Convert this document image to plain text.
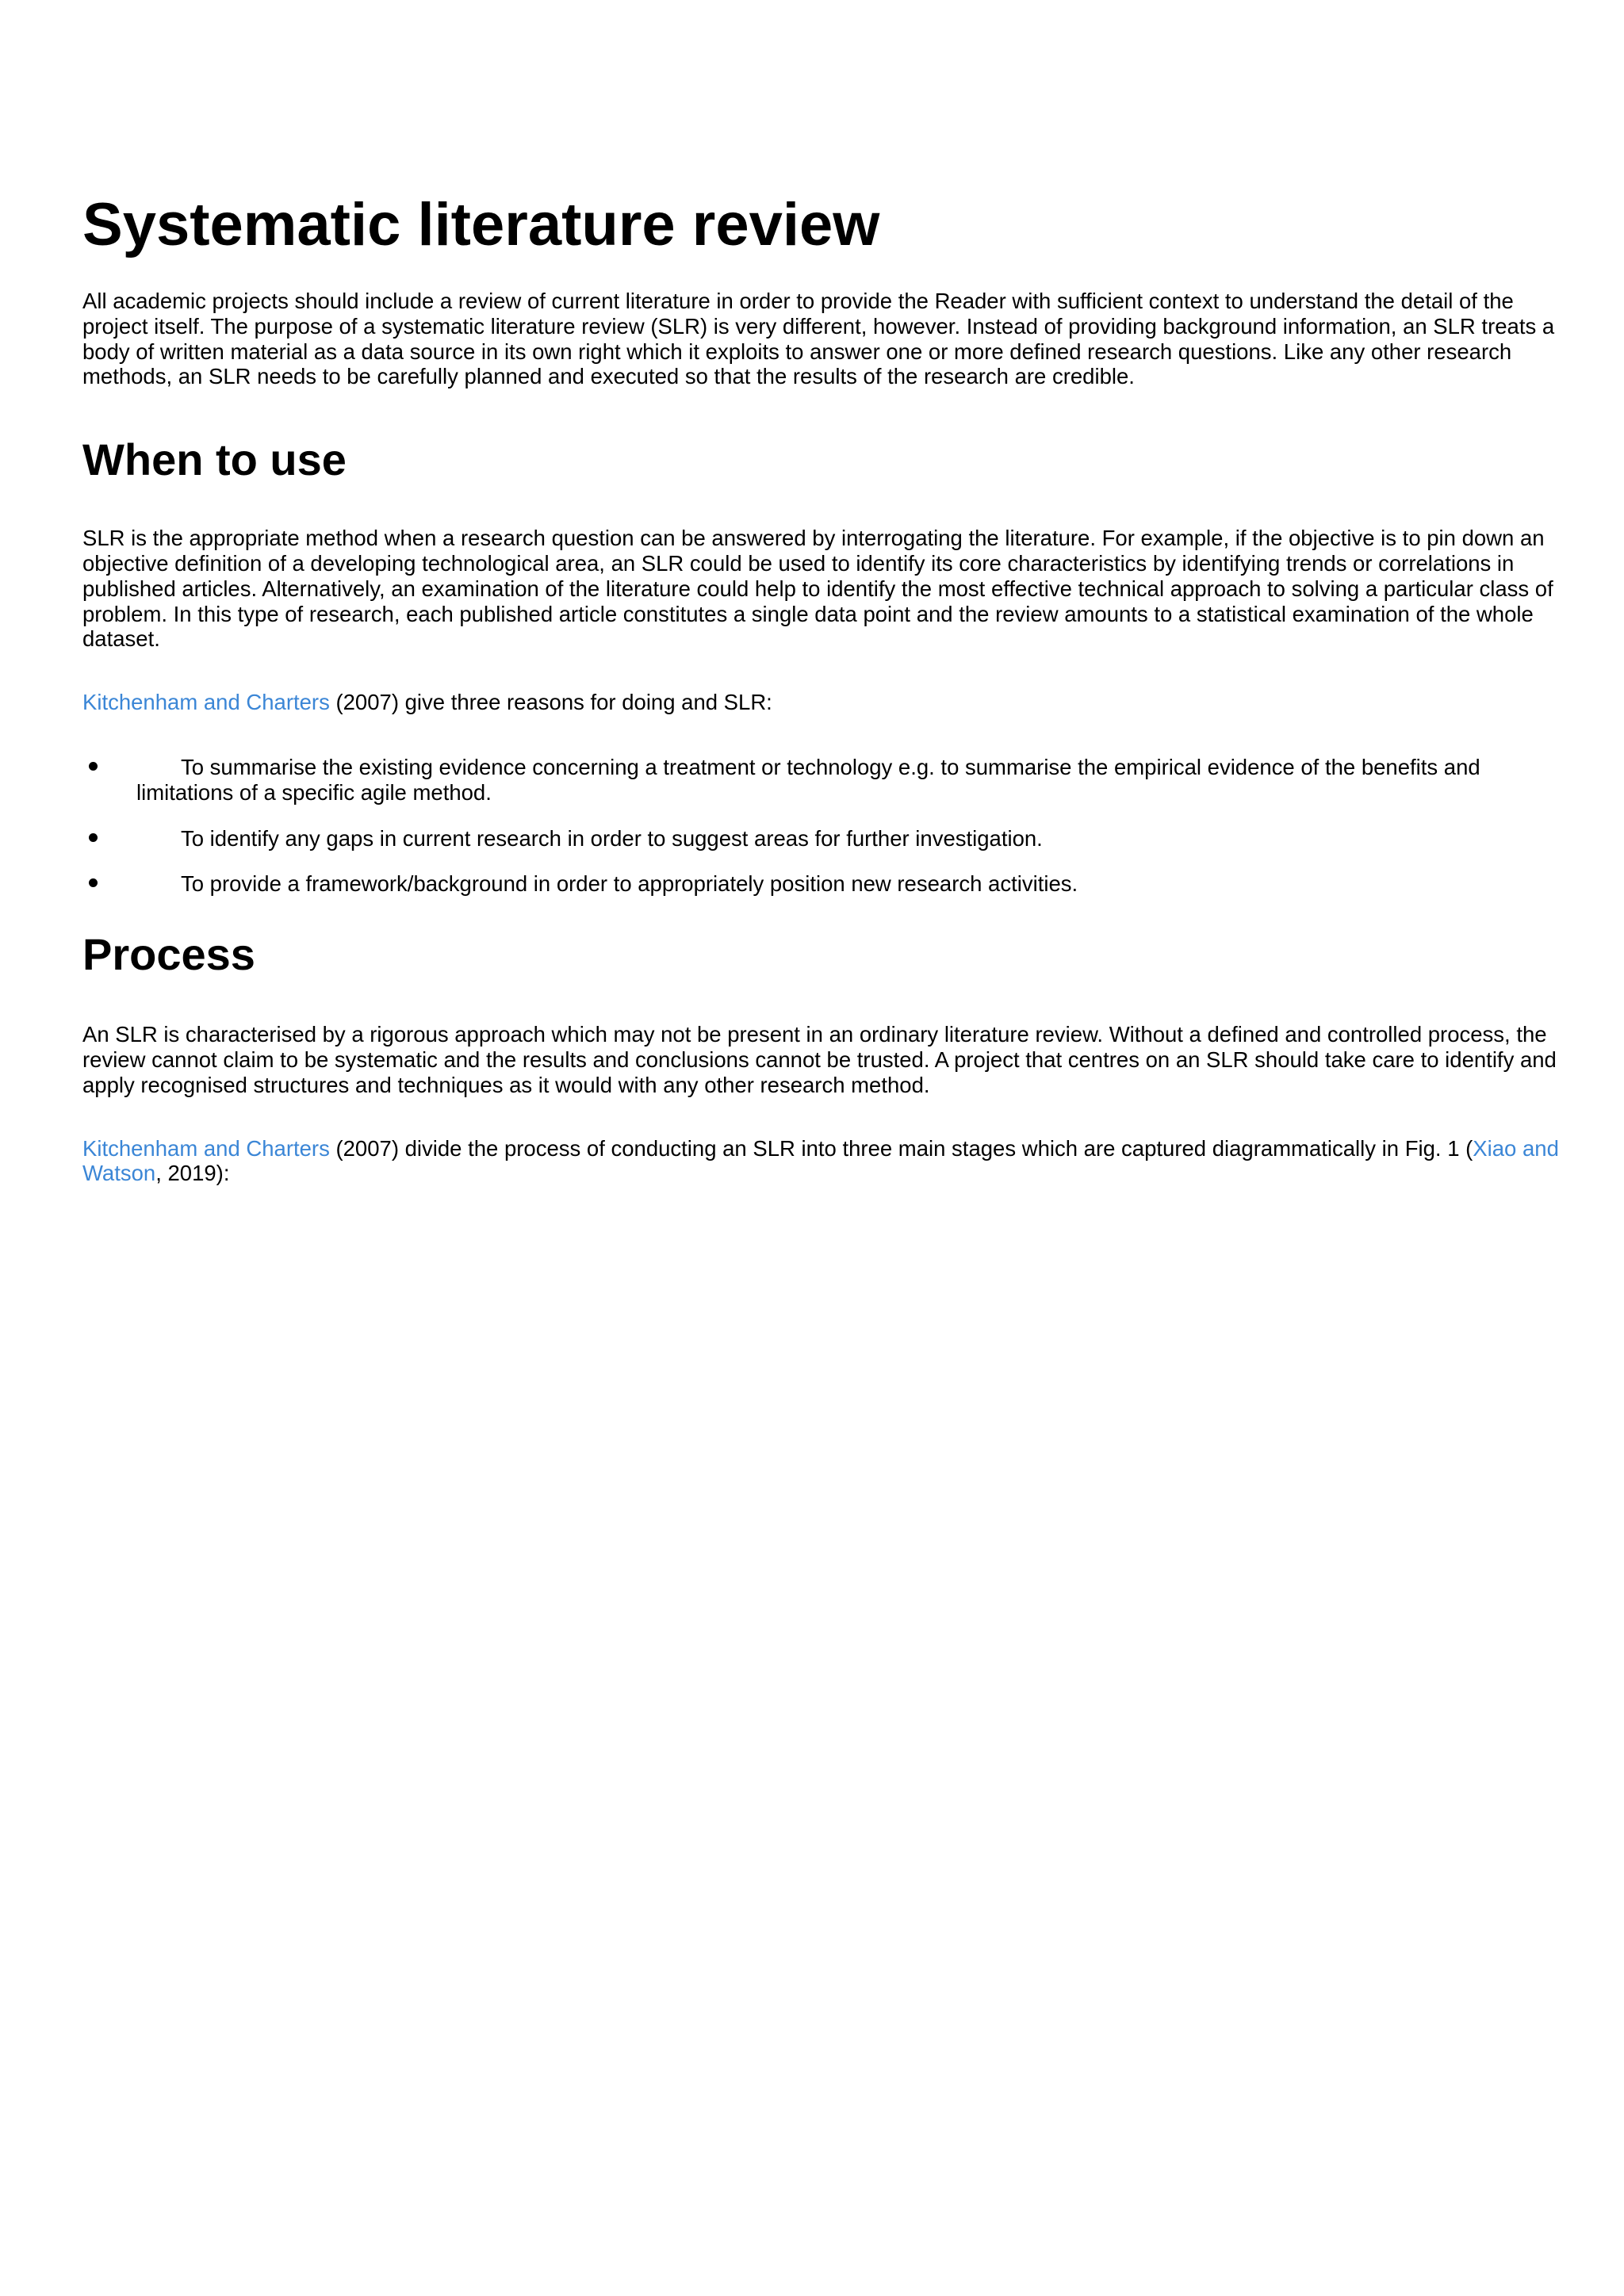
Systematic literature review

All academic projects should include a review of current literature in order to provide the Reader with sufficient context to understand the detail of the project itself. The purpose of a systematic literature review (SLR) is very different, however. Instead of providing background information, an SLR treats a body of written material as a data source in its own right which it exploits to answer one or more defined research questions. Like any other research methods, an SLR needs to be carefully planned and executed so that the results of the research are credible.

When to use

SLR is the appropriate method when a research question can be answered by interrogating the literature. For example, if the objective is to pin down an objective definition of a developing technological area, an SLR could be used to identify its core characteristics by identifying trends or correlations in published articles. Alternatively, an examination of the literature could help to identify the most effective technical approach to solving a particular class of problem. In this type of research, each published article constitutes a single data point and the review amounts to a statistical examination of the whole dataset.

Kitchenham and Charters (2007) give three reasons for doing and SLR:

To summarise the existing evidence concerning a treatment or technology e.g. to summarise the empirical evidence of the benefits and limitations of a specific agile method.
To identify any gaps in current research in order to suggest areas for further investigation.
To provide a framework/background in order to appropriately position new research activities.
Process

An SLR is characterised by a rigorous approach which may not be present in an ordinary literature review. Without a defined and controlled process, the review cannot claim to be systematic and the results and conclusions cannot be trusted. A project that centres on an SLR should take care to identify and apply recognised structures and techniques as it would with any other research method.

Kitchenham and Charters (2007) divide the process of conducting an SLR into three main stages which are captured diagrammatically in Fig. 1 (Xiao and Watson, 2019):
